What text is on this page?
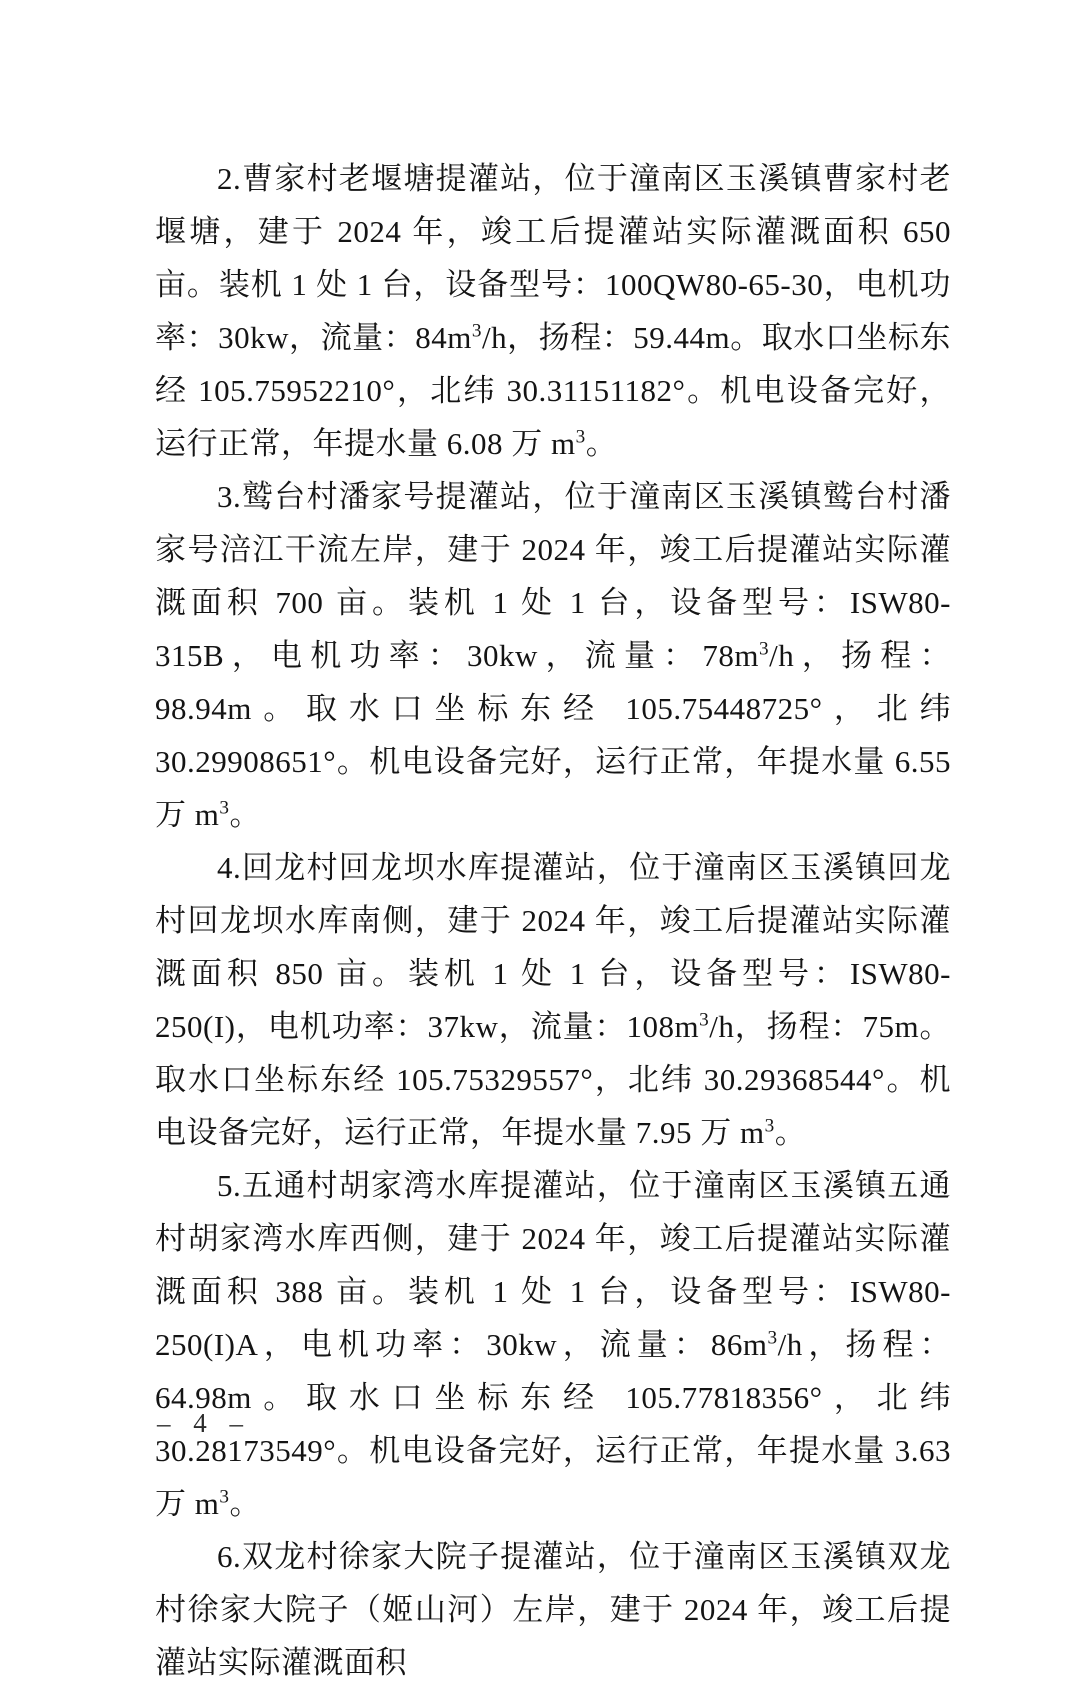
2.曹家村老堰塘提灌站，位于潼南区玉溪镇曹家村老堰塘，建于 2024 年，竣工后提灌站实际灌溉面积 650 亩。装机 1 处 1 台，设备型号：100QW80-65-30，电机功率：30kw，流量：$84m^3/h$，扬程：59.44m。取水口坐标东经 105.75952210°，北纬 30.31151182°。机电设备完好，运行正常，年提水量 6.08 万 $m^3$。

3.鹫台村潘家号提灌站，位于潼南区玉溪镇鹫台村潘家号涪江干流左岸，建于 2024 年，竣工后提灌站实际灌溉面积 700 亩。装机 1 处 1 台，设备型号：ISW80-315B，电机功率：30kw，流量：$78m^3/h$，扬程：98.94m。取水口坐标东经 105.75448725°，北纬 30.29908651°。机电设备完好，运行正常，年提水量 6.55 万 $m^3$。

4.回龙村回龙坝水库提灌站，位于潼南区玉溪镇回龙村回龙坝水库南侧，建于 2024 年，竣工后提灌站实际灌溉面积 850 亩。装机 1 处 1 台，设备型号：ISW80-250(I)，电机功率：37kw，流量：$108m^3/h$，扬程：75m。取水口坐标东经 105.75329557°，北纬 30.29368544°。机电设备完好，运行正常，年提水量 7.95 万 $m^3$。

5.五通村胡家湾水库提灌站，位于潼南区玉溪镇五通村胡家湾水库西侧，建于 2024 年，竣工后提灌站实际灌溉面积 388 亩。装机 1 处 1 台，设备型号：ISW80-250(I)A，电机功率：30kw，流量：$86m^3/h$，扬程：64.98m。取水口坐标东经 105.77818356°，北纬 30.28173549°。机电设备完好，运行正常，年提水量 3.63 万 $m^3$。

6.双龙村徐家大院子提灌站，位于潼南区玉溪镇双龙村徐家大院子（姬山河）左岸，建于 2024 年，竣工后提灌站实际灌溉面积

– 4 –
